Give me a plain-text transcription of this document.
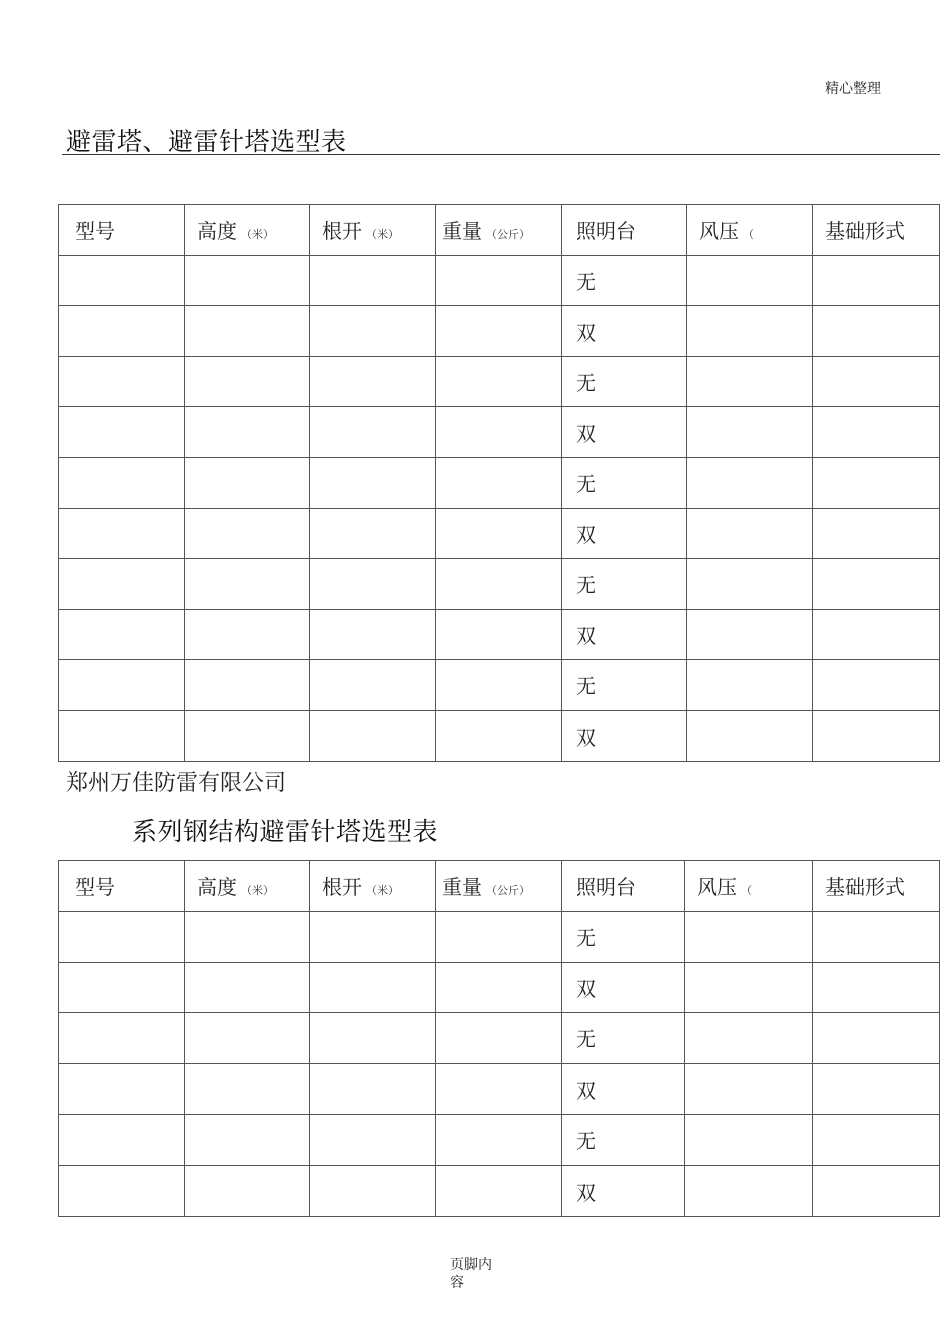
精心整理
避雷塔、避雷针塔选型表
型号	高度 （米）	根开 （米）	重量 （公斤）	照明台	风压 （	基础形式
				无		
				双		
				无		
				双		
				无		
				双		
				无		
				双		
				无		
				双		
郑州万佳防雷有限公司
系列钢结构避雷针塔选型表
型号	高度 （米）	根开 （米）	重量 （公斤）	照明台	风压 （	基础形式
				无		
				双		
				无		
				双		
				无		
				双		
页脚内容
